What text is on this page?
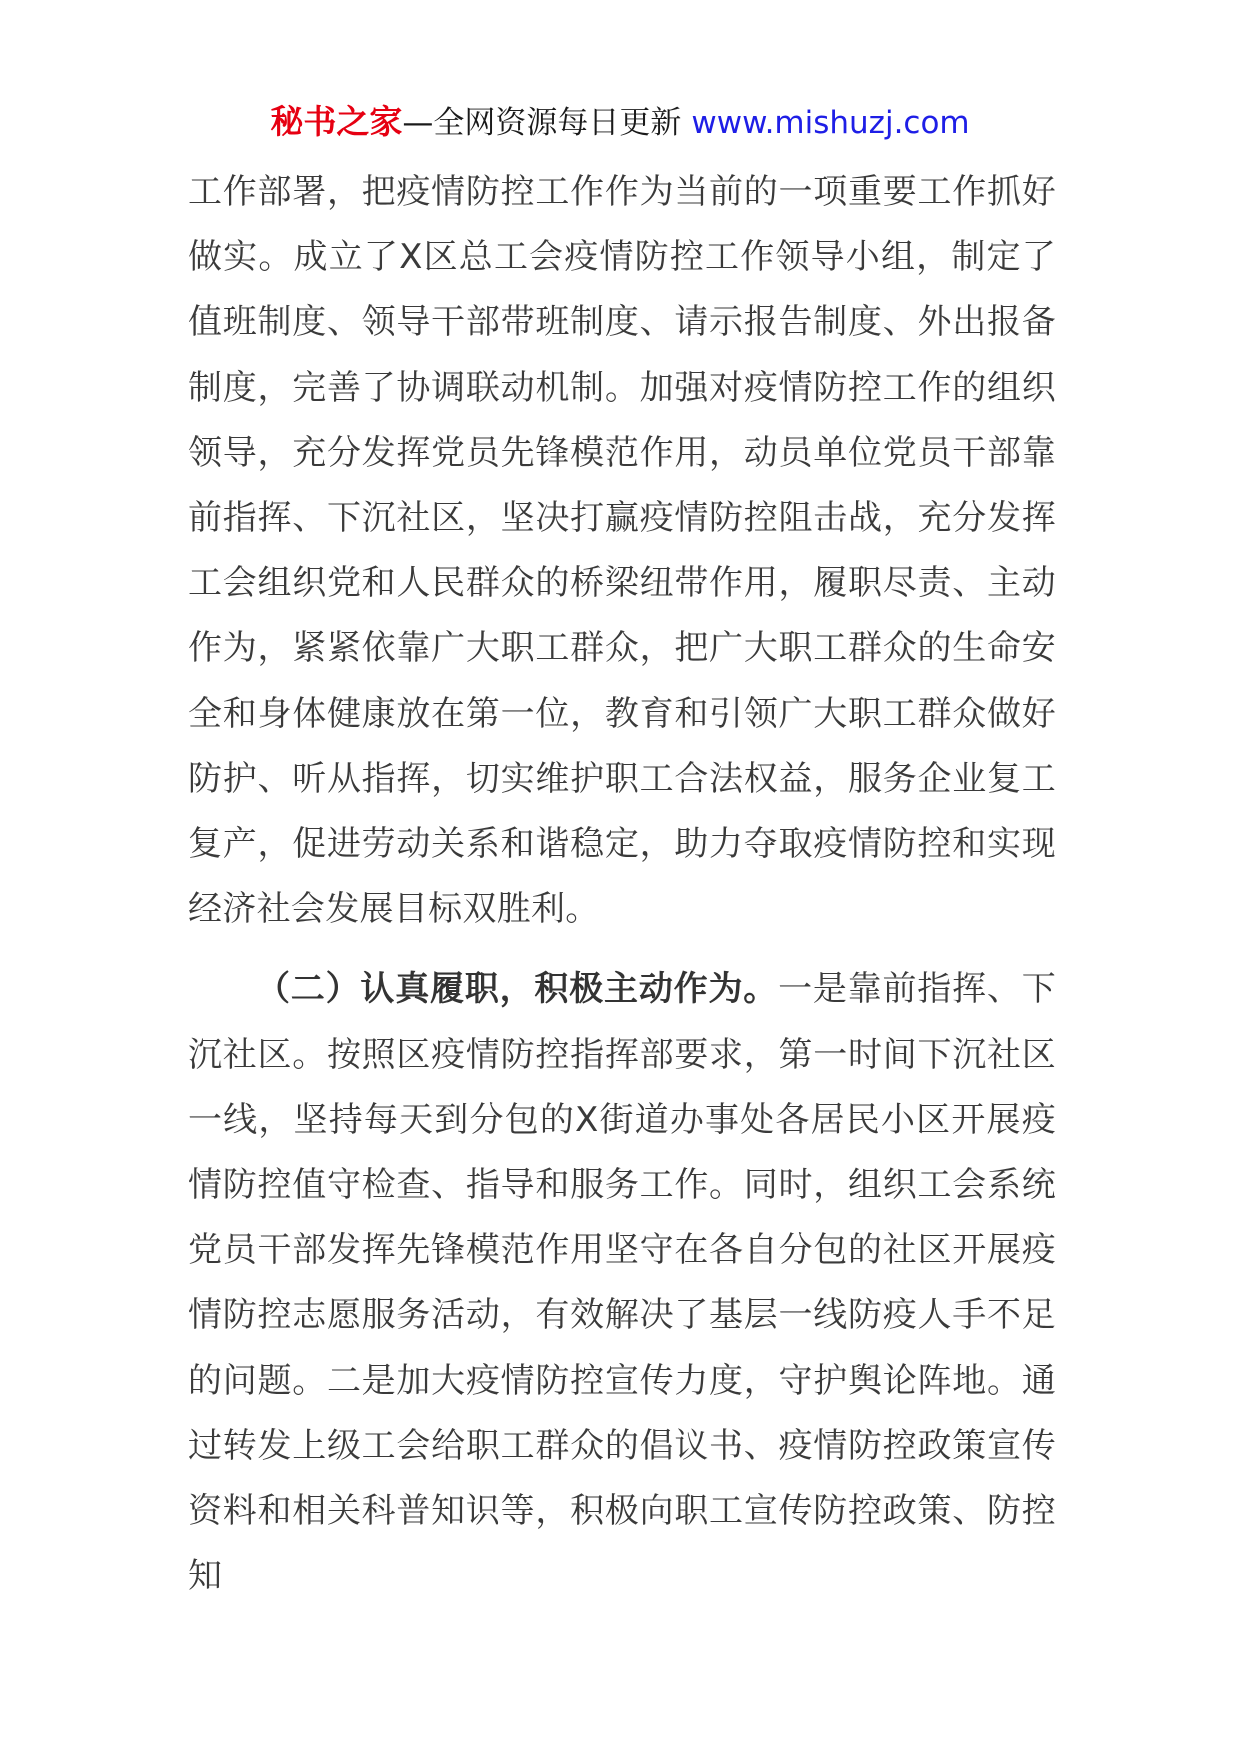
秘书之家—全网资源每日更新 www.mishuzj.com

工作部署，把疫情防控工作作为当前的一项重要工作抓好做实。成立了X区总工会疫情防控工作领导小组，制定了值班制度、领导干部带班制度、请示报告制度、外出报备制度，完善了协调联动机制。加强对疫情防控工作的组织领导，充分发挥党员先锋模范作用，动员单位党员干部靠前指挥、下沉社区，坚决打赢疫情防控阻击战，充分发挥工会组织党和人民群众的桥梁纽带作用，履职尽责、主动作为，紧紧依靠广大职工群众，把广大职工群众的生命安全和身体健康放在第一位，教育和引领广大职工群众做好防护、听从指挥，切实维护职工合法权益，服务企业复工复产，促进劳动关系和谐稳定，助力夺取疫情防控和实现经济社会发展目标双胜利。

（二）认真履职，积极主动作为。一是靠前指挥、下沉社区。按照区疫情防控指挥部要求，第一时间下沉社区一线，坚持每天到分包的X街道办事处各居民小区开展疫情防控值守检查、指导和服务工作。同时，组织工会系统党员干部发挥先锋模范作用坚守在各自分包的社区开展疫情防控志愿服务活动，有效解决了基层一线防疫人手不足的问题。二是加大疫情防控宣传力度，守护舆论阵地。通过转发上级工会给职工群众的倡议书、疫情防控政策宣传资料和相关科普知识等，积极向职工宣传防控政策、防控知
